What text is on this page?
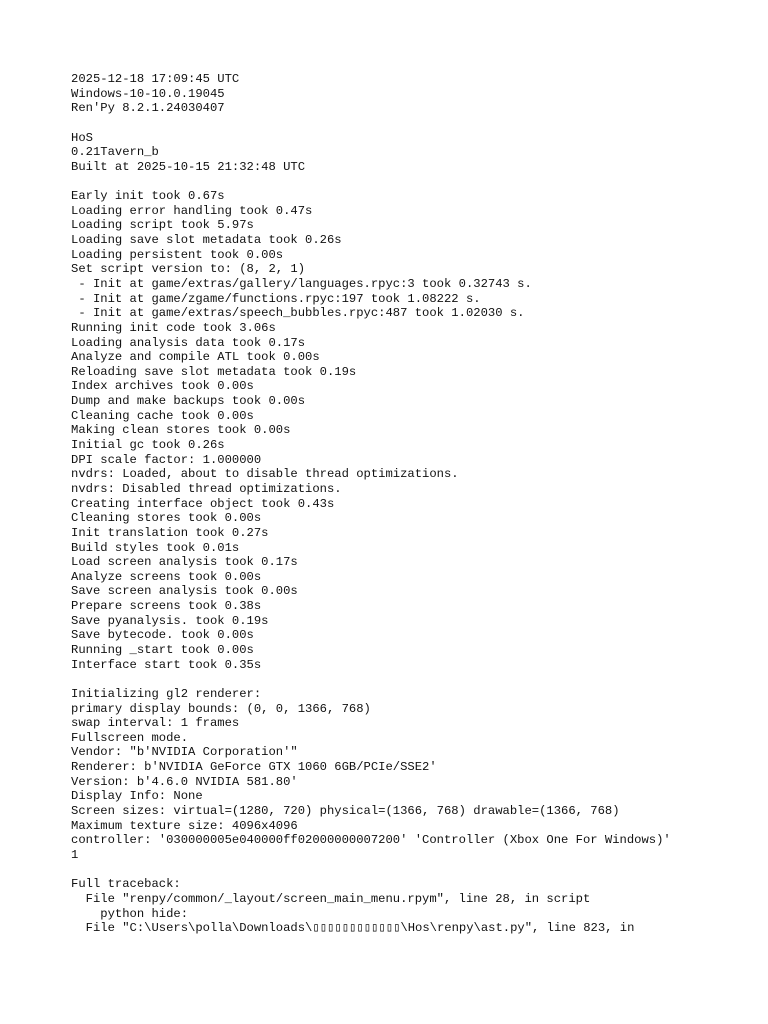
2025-12-18 17:09:45 UTC
Windows-10-10.0.19045
Ren'Py 8.2.1.24030407
HoS
0.21Tavern_b
Built at 2025-10-15 21:32:48 UTC
Early init took 0.67s
Loading error handling took 0.47s
Loading script took 5.97s
Loading save slot metadata took 0.26s
Loading persistent took 0.00s
Set script version to: (8, 2, 1)
- Init at game/extras/gallery/languages.rpyc:3 took 0.32743 s.
- Init at game/zgame/functions.rpyc:197 took 1.08222 s.
- Init at game/extras/speech_bubbles.rpyc:487 took 1.02030 s.
Running init code took 3.06s
Loading analysis data took 0.17s
Analyze and compile ATL took 0.00s
Reloading save slot metadata took 0.19s
Index archives took 0.00s
Dump and make backups took 0.00s
Cleaning cache took 0.00s
Making clean stores took 0.00s
Initial gc took 0.26s
DPI scale factor: 1.000000
nvdrs: Loaded, about to disable thread optimizations.
nvdrs: Disabled thread optimizations.
Creating interface object took 0.43s
Cleaning stores took 0.00s
Init translation took 0.27s
Build styles took 0.01s
Load screen analysis took 0.17s
Analyze screens took 0.00s
Save screen analysis took 0.00s
Prepare screens took 0.38s
Save pyanalysis. took 0.19s
Save bytecode. took 0.00s
Running _start took 0.00s
Interface start took 0.35s
Initializing gl2 renderer:
primary display bounds: (0, 0, 1366, 768)
swap interval: 1 frames
Fullscreen mode.
Vendor: "b'NVIDIA Corporation'"
Renderer: b'NVIDIA GeForce GTX 1060 6GB/PCIe/SSE2'
Version: b'4.6.0 NVIDIA 581.80'
Display Info: None
Screen sizes: virtual=(1280, 720) physical=(1366, 768) drawable=(1366, 768)
Maximum texture size: 4096x4096
controller: '030000005e040000ff02000000007200' 'Controller (Xbox One For Windows)'
1
Full traceback:
File "renpy/common/_layout/screen_main_menu.rpym", line 28, in script
python hide:
File "C:\Users\polla\Downloads\▯▯▯▯▯▯▯▯▯▯▯▯\Hos\renpy\ast.py", line 823, in
